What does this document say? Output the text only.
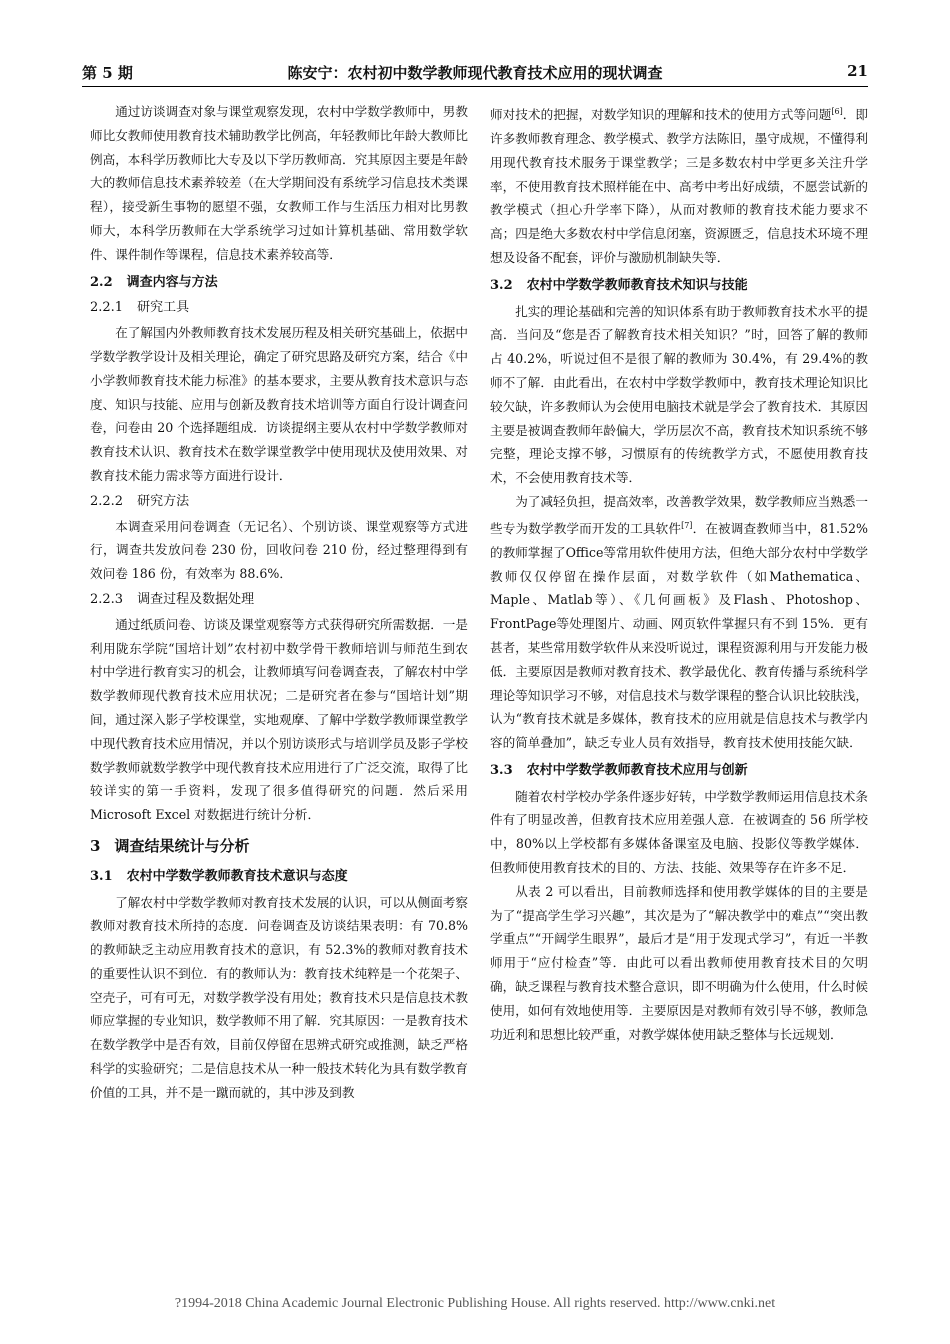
第 5 期	陈安宁：农村初中数学教师现代教育技术应用的现状调查	21

通过访谈调查对象与课堂观察发现，农村中学数学教师中，男教师比女教师使用教育技术辅助教学比例高，年轻教师比年龄大教师比例高，本科学历教师比大专及以下学历教师高．究其原因主要是年龄大的教师信息技术素养较差（在大学期间没有系统学习信息技术类课程），接受新生事物的愿望不强，女教师工作与生活压力相对比男教师大，本科学历教师在大学系统学习过如计算机基础、常用数学软件、课件制作等课程，信息技术素养较高等．

2.2 调查内容与方法
2.2.1 研究工具

在了解国内外教师教育技术发展历程及相关研究基础上，依据中学数学教学设计及相关理论，确定了研究思路及研究方案，结合《中小学教师教育技术能力标准》的基本要求，主要从教育技术意识与态度、知识与技能、应用与创新及教育技术培训等方面自行设计调查问卷，问卷由 20 个选择题组成．访谈提纲主要从农村中学数学教师对教育技术认识、教育技术在数学课堂教学中使用现状及使用效果、对教育技术能力需求等方面进行设计．

2.2.2 研究方法

本调查采用问卷调查（无记名）、个别访谈、课堂观察等方式进行，调查共发放问卷 230 份，回收问卷 210 份，经过整理得到有效问卷 186 份，有效率为 88.6%．

2.2.3 调查过程及数据处理

通过纸质问卷、访谈及课堂观察等方式获得研究所需数据．一是利用陇东学院“国培计划”农村初中数学骨干教师培训与师范生到农村中学进行教育实习的机会，让教师填写问卷调查表，了解农村中学数学教师现代教育技术应用状况；二是研究者在参与“国培计划”期间，通过深入影子学校课堂，实地观摩、了解中学数学教师课堂教学中现代教育技术应用情况，并以个别访谈形式与培训学员及影子学校数学教师就数学教学中现代教育技术应用进行了广泛交流，取得了比较详实的第一手资料，发现了很多值得研究的问题．然后采用 Microsoft Excel 对数据进行统计分析．

3 调查结果统计与分析
3.1 农村中学数学教师教育技术意识与态度

了解农村中学数学教师对教育技术发展的认识，可以从侧面考察教师对教育技术所持的态度．问卷调查及访谈结果表明：有 70.8%的教师缺乏主动应用教育技术的意识，有 52.3%的教师对教育技术的重要性认识不到位．有的教师认为：教育技术纯粹是一个花架子、空壳子，可有可无，对数学教学没有用处；教育技术只是信息技术教师应掌握的专业知识，数学教师不用了解．究其原因：一是教育技术在数学教学中是否有效，目前仅停留在思辨式研究或推测，缺乏严格科学的实验研究；二是信息技术从一种一般技术转化为具有数学教育价值的工具，并不是一蹴而就的，其中涉及到教

师对技术的把握，对数学知识的理解和技术的使用方式等问题[6]．即许多教师教育理念、教学模式、教学方法陈旧，墨守成规，不懂得利用现代教育技术服务于课堂教学；三是多数农村中学更多关注升学率，不使用教育技术照样能在中、高考中考出好成绩，不愿尝试新的教学模式（担心升学率下降），从而对教师的教育技术能力要求不高；四是绝大多数农村中学信息闭塞，资源匮乏，信息技术环境不理想及设备不配套，评价与激励机制缺失等．

3.2 农村中学数学教师教育技术知识与技能

扎实的理论基础和完善的知识体系有助于教师教育技术水平的提高．当问及“您是否了解教育技术相关知识？”时，回答了解的教师占 40.2%，听说过但不是很了解的教师为 30.4%，有 29.4%的教师不了解．由此看出，在农村中学数学教师中，教育技术理论知识比较欠缺，许多教师认为会使用电脑技术就是学会了教育技术．其原因主要是被调查教师年龄偏大，学历层次不高，教育技术知识系统不够完整，理论支撑不够，习惯原有的传统教学方式，不愿使用教育技术，不会使用教育技术等．

为了减轻负担，提高效率，改善教学效果，数学教师应当熟悉一些专为数学教学而开发的工具软件[7]．在被调查教师当中，81.52%的教师掌握了Office等常用软件使用方法，但绝大部分农村中学数学教师仅仅停留在操作层面，对数学软件（如Mathematica、Maple、Matlab等）、《几何画板》及Flash、Photoshop、FrontPage等处理图片、动画、网页软件掌握只有不到 15%．更有甚者，某些常用数学软件从来没听说过，课程资源利用与开发能力极低．主要原因是教师对教育技术、教学最优化、教育传播与系统科学理论等知识学习不够，对信息技术与数学课程的整合认识比较肤浅，认为“教育技术就是多媒体，教育技术的应用就是信息技术与教学内容的简单叠加”，缺乏专业人员有效指导，教育技术使用技能欠缺．

3.3 农村中学数学教师教育技术应用与创新

随着农村学校办学条件逐步好转，中学数学教师运用信息技术条件有了明显改善，但教育技术应用差强人意．在被调查的 56 所学校中，80%以上学校都有多媒体备课室及电脑、投影仪等教学媒体．但教师使用教育技术的目的、方法、技能、效果等存在许多不足．

从表 2 可以看出，目前教师选择和使用教学媒体的目的主要是为了“提高学生学习兴趣”，其次是为了“解决教学中的难点”“突出教学重点”“开阔学生眼界”，最后才是“用于发现式学习”，有近一半教师用于“应付检查”等．由此可以看出教师使用教育技术目的欠明确，缺乏课程与教育技术整合意识，即不明确为什么使用，什么时候使用，如何有效地使用等．主要原因是对教师有效引导不够，教师急功近利和思想比较严重，对教学媒体使用缺乏整体与长远规划．

?1994-2018 China Academic Journal Electronic Publishing House. All rights reserved. http://www.cnki.net
